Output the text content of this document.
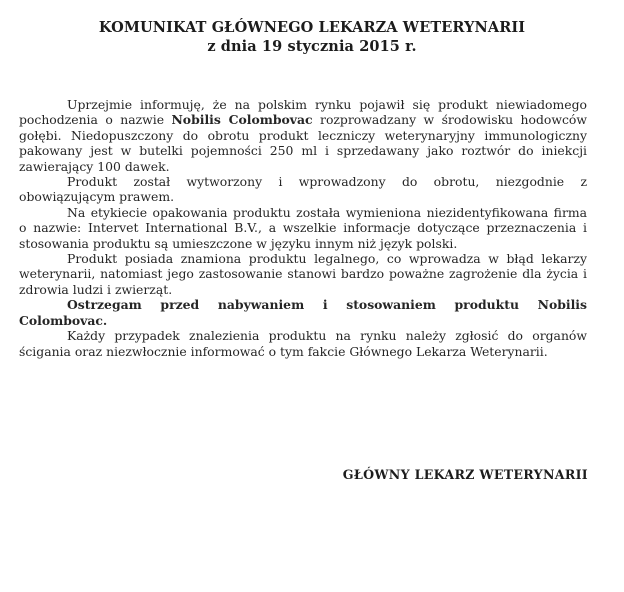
KOMUNIKAT GŁÓWNEGO LEKARZA WETERYNARII
z dnia 19 stycznia 2015 r.

Uprzejmie informuję, że na polskim rynku pojawił się produkt niewiadomego pochodzenia o nazwie Nobilis Colombovac rozprowadzany w środowisku hodowców gołębi. Niedopuszczony do obrotu produkt leczniczy weterynaryjny immunologiczny pakowany jest w butelki pojemności 250 ml i sprzedawany jako roztwór do iniekcji zawierający 100 dawek.

Produkt został wytworzony i wprowadzony do obrotu, niezgodnie z obowiązującym prawem.

Na etykiecie opakowania produktu została wymieniona niezidentyfikowana firma o nazwie: Intervet International B.V., a wszelkie informacje dotyczące przeznaczenia i stosowania produktu są umieszczone w języku innym niż język polski.

Produkt posiada znamiona produktu legalnego, co wprowadza w błąd lekarzy weterynarii, natomiast jego zastosowanie stanowi bardzo poważne zagrożenie dla życia i zdrowia ludzi i zwierząt.

Ostrzegam przed nabywaniem i stosowaniem produktu Nobilis Colombovac.

Każdy przypadek znalezienia produktu na rynku należy zgłosić do organów ścigania oraz niezwłocznie informować o tym fakcie Głównego Lekarza Weterynarii.

GŁÓWNY LEKARZ WETERYNARII
